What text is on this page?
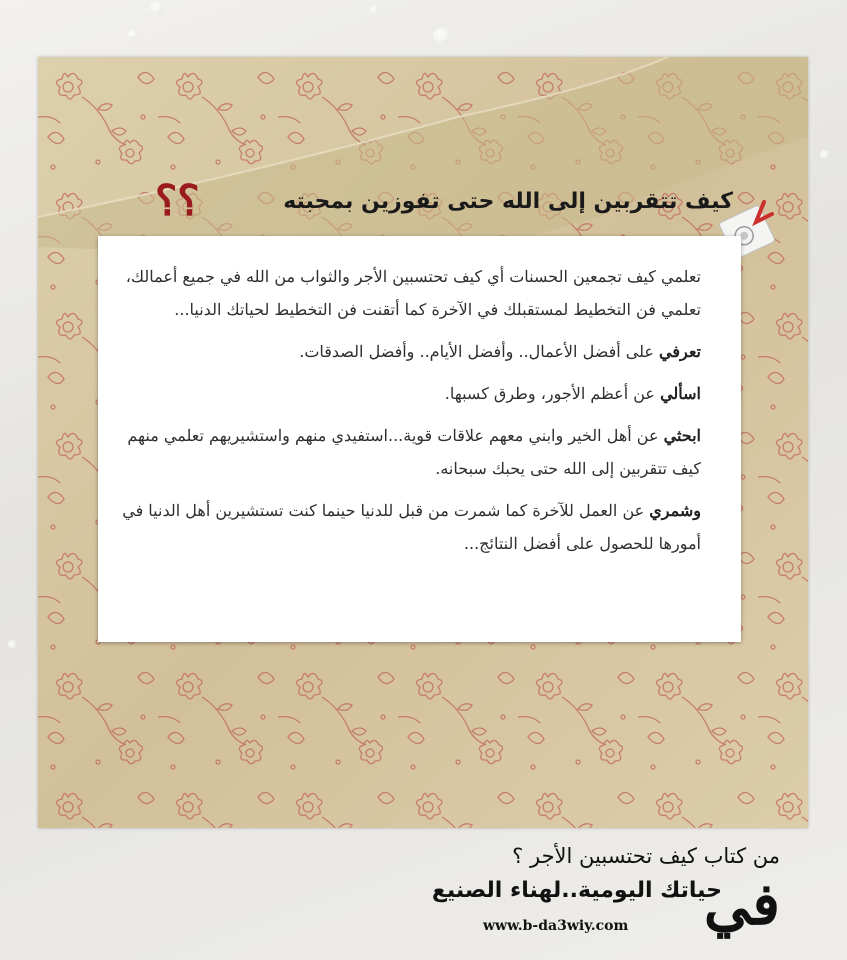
؟؟	كيف تتقربين إلى الله حتى تفوزين بمحبته

تعلمي كيف تجمعين الحسنات أي كيف تحتسبين الأجر والثواب من الله في جميع أعمالك، تعلمي فن التخطيط لمستقبلك في الآخرة كما أتقنت فن التخطيط لحياتك الدنيا...

تعرفي على أفضل الأعمال.. وأفضل الأيام.. وأفضل الصدقات.

اسألي عن أعظم الأجور، وطرق كسبها.

ابحثي عن أهل الخير وابني معهم علاقات قوية...استفيدي منهم واستشيريهم تعلمي منهم كيف تتقربين إلى الله حتى يحبك سبحانه.

وشمري عن العمل للآخرة كما شمرت من قبل للدنيا حينما كنت تستشيرين أهل الدنيا في أمورها للحصول على أفضل النتائج...

من كتاب كيف تحتسبين الأجر ؟
في
حياتك اليومية..لهناء الصنيع
www.b-da3wiy.com
